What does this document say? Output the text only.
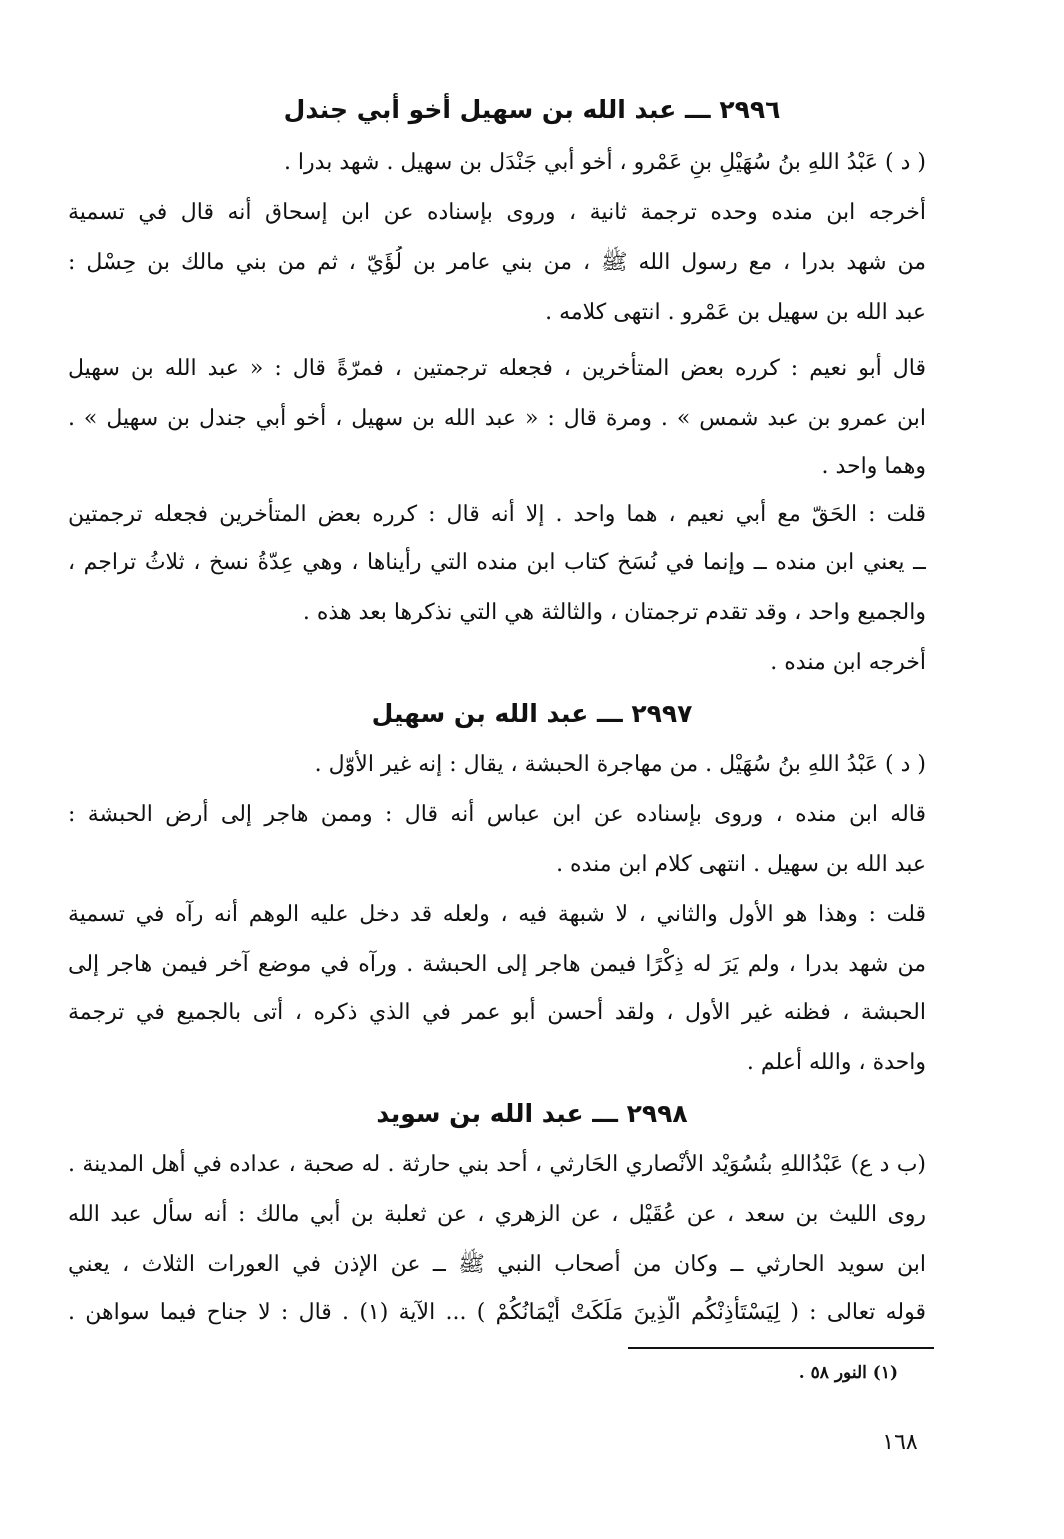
٢٩٩٦ ـــ عبد الله بن سهيل أخو أبي جندل
( د ) عَبْدُ اللهِ بنُ سُهَيْلِ بنِ عَمْرو ، أخو أبي جَنْدَل بن سهيل . شهد بدرا .
أخرجه ابن منده وحده ترجمة ثانية ، وروى بإسناده عن ابن إسحاق أنه قال في تسمية
من شهد بدرا ، مع رسول الله ﷺ ، من بني عامر بن لُؤَيّ ، ثم من بني مالك بن حِسْل :
عبد الله بن سهيل بن عَمْرو . انتهى كلامه .
قال أبو نعيم : كرره بعض المتأخرين ، فجعله ترجمتين ، فمرّةً قال : « عبد الله بن سهيل
ابن عمرو بن عبد شمس » . ومرة قال : « عبد الله بن سهيل ، أخو أبي جندل بن سهيل » .
وهما واحد .
قلت : الحَقّ مع أبي نعيم ، هما واحد . إلا أنه قال : كرره بعض المتأخرين فجعله ترجمتين
ــ يعني ابن منده ــ وإنما في نُسَخ كتاب ابن منده التي رأيناها ، وهي عِدّةُ نسخ ، ثلاثُ تراجم ،
والجميع واحد ، وقد تقدم ترجمتان ، والثالثة هي التي نذكرها بعد هذه .
أخرجه ابن منده .
٢٩٩٧ ـــ عبد الله بن سهيل
( د ) عَبْدُ اللهِ بنُ سُهَيْل . من مهاجرة الحبشة ، يقال : إنه غير الأوّل .
قاله ابن منده ، وروى بإسناده عن ابن عباس أنه قال : وممن هاجر إلى أرض الحبشة :
عبد الله بن سهيل . انتهى كلام ابن منده .
قلت : وهذا هو الأول والثاني ، لا شبهة فيه ، ولعله قد دخل عليه الوهم أنه رآه في تسمية
من شهد بدرا ، ولم يَرَ له ذِكْرًا فيمن هاجر إلى الحبشة . ورآه في موضع آخر فيمن هاجر إلى
الحبشة ، فظنه غير الأول ، ولقد أحسن أبو عمر في الذي ذكره ، أتى بالجميع في ترجمة
واحدة ، والله أعلم .
٢٩٩٨ ـــ عبد الله بن سويد
(ب د ع) عَبْدُاللهِ بنُسُوَيْد الأنْصاري الحَارثي ، أحد بني حارثة . له صحبة ، عداده في أهل المدينة .
روى الليث بن سعد ، عن عُقَيْل ، عن الزهري ، عن ثعلبة بن أبي مالك : أنه سأل عبد الله
ابن سويد الحارثي ــ وكان من أصحاب النبي ﷺ ــ عن الإذن في العورات الثلاث ، يعني
قوله تعالى : ( لِيَسْتَأْذِنْكُم الَّذِينَ مَلَكَتْ أَيْمَانُكُمْ ) ... الآية (١) . قال : لا جناح فيما سواهن .
(١) النور ٥٨ .
١٦٨
